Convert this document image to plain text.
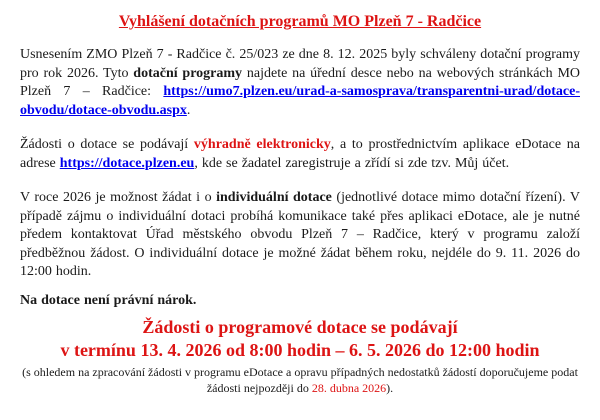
Vyhlášení dotačních programů MO Plzeň 7 - Radčice

Usnesením ZMO Plzeň 7 - Radčice č. 25/023 ze dne 8. 12. 2025 byly schváleny dotační programy pro rok 2026. Tyto dotační programy najdete na úřední desce nebo na webových stránkách MO Plzeň 7 – Radčice: https://umo7.plzen.eu/urad-a-samosprava/transparentni-urad/dotace-obvodu/dotace-obvodu.aspx.

Žádosti o dotace se podávají výhradně elektronicky, a to prostřednictvím aplikace eDotace na adrese https://dotace.plzen.eu, kde se žadatel zaregistruje a zřídí si zde tzv. Můj účet.

V roce 2026 je možnost žádat i o individuální dotace (jednotlivé dotace mimo dotační řízení). V případě zájmu o individuální dotaci probíhá komunikace také přes aplikaci eDotace, ale je nutné předem kontaktovat Úřad městského obvodu Plzeň 7 – Radčice, který v programu založí předběžnou žádost. O individuální dotace je možné žádat během roku, nejdéle do 9. 11. 2026 do 12:00 hodin.

Na dotace není právní nárok.

Žádosti o programové dotace se podávají
v termínu 13. 4. 2026 od 8:00 hodin – 6. 5. 2026 do 12:00 hodin

(s ohledem na zpracování žádosti v programu eDotace a opravu případných nedostatků žádostí doporučujeme podat žádosti nejpozději do 28. dubna 2026).
